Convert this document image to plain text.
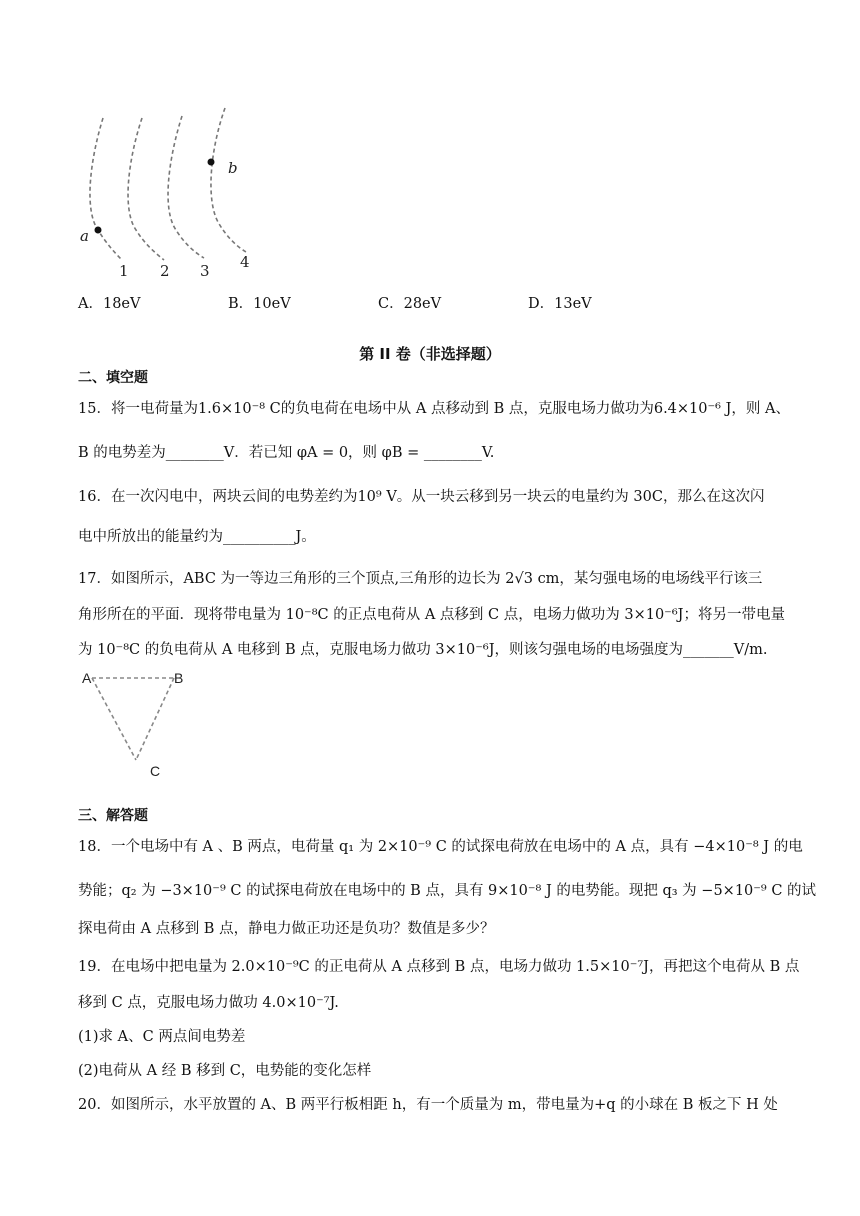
a
b
1 2 3 4
A．18eV	B．10eV	C．28eV	D．13eV
第 II 卷（非选择题）
二、填空题
15．将一电荷量为1.6×10⁻⁸ C的负电荷在电场中从 A 点移动到 B 点，克服电场力做功为6.4×10⁻⁶ J，则 A、
B 的电势差为________V．若已知 φA = 0，则 φB = ________V.
16．在一次闪电中，两块云间的电势差约为10⁹ V。从一块云移到另一块云的电量约为 30C，那么在这次闪
电中所放出的能量约为__________J。
17．如图所示，ABC 为一等边三角形的三个顶点,三角形的边长为 2√3 cm，某匀强电场的电场线平行该三
角形所在的平面．现将带电量为 10⁻⁸C 的正点电荷从 A 点移到 C 点，电场力做功为 3×10⁻⁶J；将另一带电量
为 10⁻⁸C 的负电荷从 A 电移到 B 点，克服电场力做功 3×10⁻⁶J，则该匀强电场的电场强度为_______V/m.
A	B
C
三、解答题
18．一个电场中有 A 、B 两点，电荷量 q₁ 为 2×10⁻⁹ C 的试探电荷放在电场中的 A 点，具有 −4×10⁻⁸ J 的电
势能；q₂ 为 −3×10⁻⁹ C 的试探电荷放在电场中的 B 点，具有 9×10⁻⁸ J 的电势能。现把 q₃ 为 −5×10⁻⁹ C 的试
探电荷由 A 点移到 B 点，静电力做正功还是负功？数值是多少？
19．在电场中把电量为 2.0×10⁻⁹C 的正电荷从 A 点移到 B 点，电场力做功 1.5×10⁻⁷J，再把这个电荷从 B 点
移到 C 点，克服电场力做功 4.0×10⁻⁷J.
(1)求 A、C 两点间电势差
(2)电荷从 A 经 B 移到 C，电势能的变化怎样
20．如图所示，水平放置的 A、B 两平行板相距 h，有一个质量为 m，带电量为+q 的小球在 B 板之下 H 处
